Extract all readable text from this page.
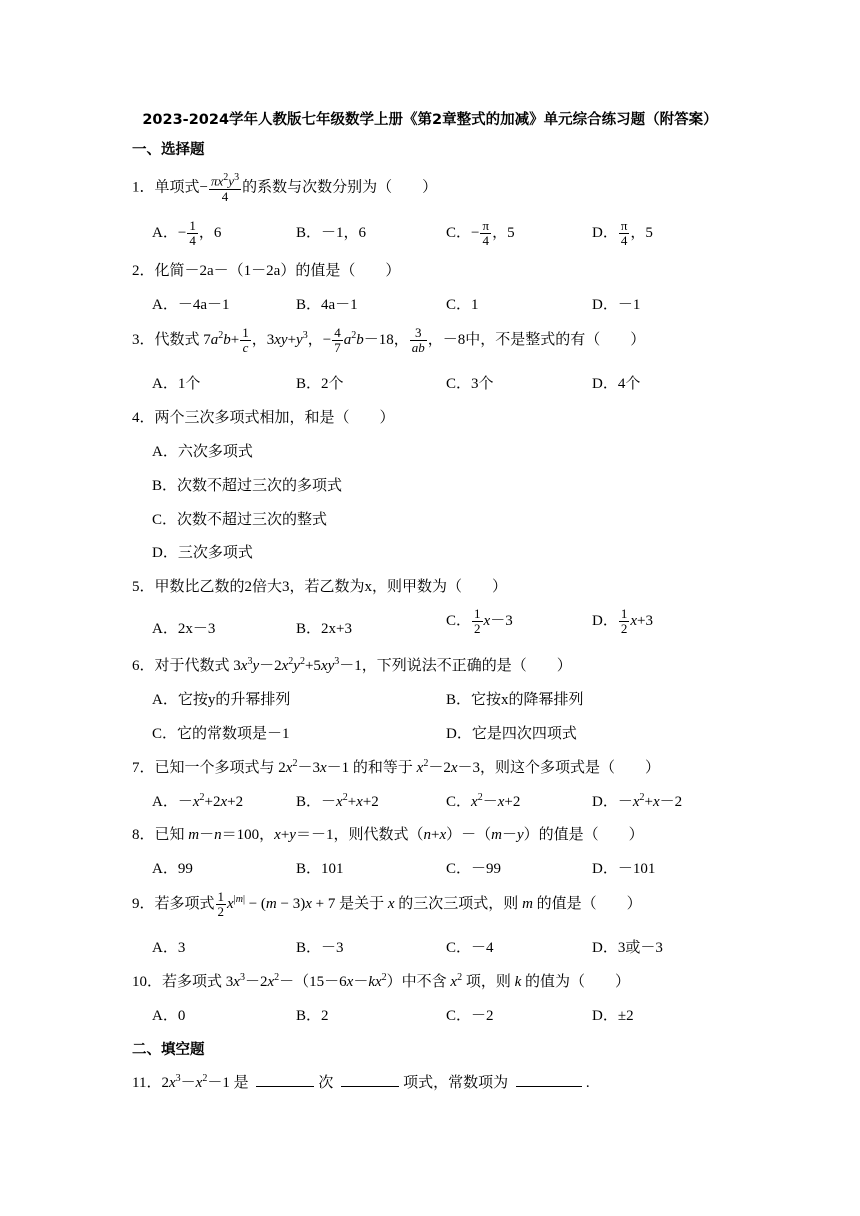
2023-2024学年人教版七年级数学上册《第2章整式的加减》单元综合练习题（附答案）
一、选择题
1．单项式− $\frac{\pi x^2y^3}{4}$ 的系数与次数分别为（　　）
A．− $\frac{1}{4}$ ，6	B．－1，6	C．− $\frac{\pi}{4}$ ，5	D． $\frac{\pi}{4}$ ，5
2．化简－2a－（1－2a）的值是（　　）
A．－4a－1	B．4a－1	C．1	D．－1
3．代数式 $7a^2b+ \frac{1}{c}$ ，$3xy+y^3$，− $\frac{4}{7} a^2b-18$， $\frac{3}{ab}$ ，－8中，不是整式的有（　　）
A．1个	B．2个	C．3个	D．4个
4．两个三次多项式相加，和是（　　）
A．六次多项式
B．次数不超过三次的多项式
C．次数不超过三次的整式
D．三次多项式
5．甲数比乙数的2倍大3，若乙数为x，则甲数为（　　）
A．2x－3	B．2x+3	C． $\frac{1}{2} x-3$	D． $\frac{1}{2} x+3$
6．对于代数式 $3x^3y-2x^2y^2+5xy^3-1$，下列说法不正确的是（　　）
A．它按y的升幂排列	B．它按x的降幂排列
C．它的常数项是－1	D．它是四次四项式
7．已知一个多项式与 $2x^2-3x-1$ 的和等于 $x^2-2x-3$，则这个多项式是（　　）
A．$-x^2+2x+2$	B．$-x^2+x+2$	C．$x^2-x+2$	D．$-x^2+x-2$
8．已知 m－n＝100，x+y＝－1，则代数式（n+x）－（m－y）的值是（　　）
A．99	B．101	C．－99	D．－101
9．若多项式 $\frac{1}{2} x^{|m|} - (m - 3)x + 7$ 是关于 x 的三次三项式，则 m 的值是（　　）
A．3	B．－3	C．－4	D．3或－3
10．若多项式 $3x^3-2x^2-(15-6x-kx^2)$中不含 $x^2$ 项，则 k 的值为（　　）
A．0	B．2	C．－2	D．±2
二、填空题
11．$2x^3-x^2-1$ 是	次	项式，常数项为	.
